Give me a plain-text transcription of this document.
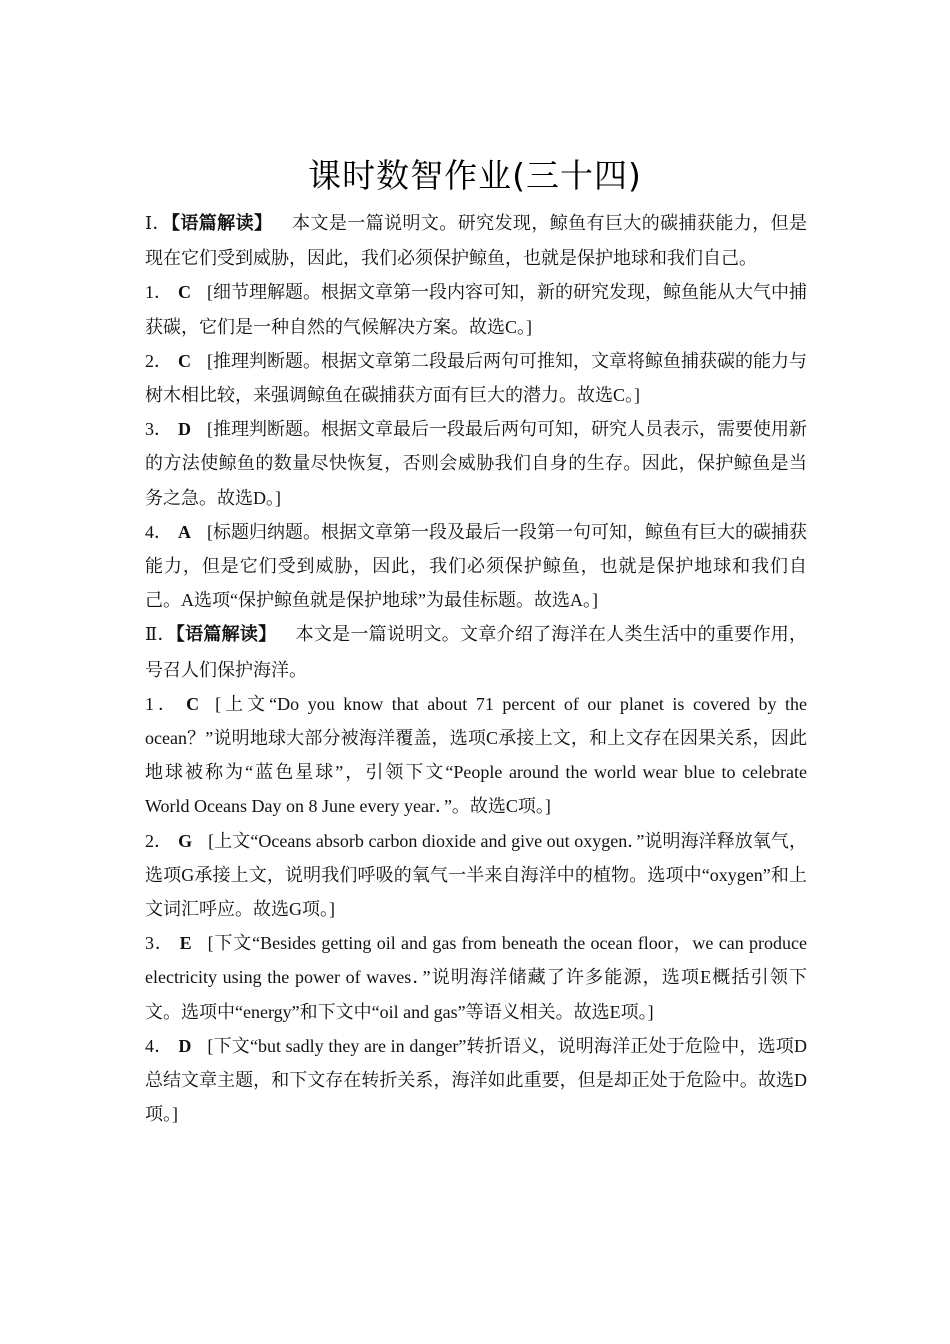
课时数智作业(三十四)

Ⅰ．【语篇解读】 本文是一篇说明文。研究发现，鲸鱼有巨大的碳捕获能力，但是现在它们受到威胁，因此，我们必须保护鲸鱼，也就是保护地球和我们自己。

1． C [细节理解题。根据文章第一段内容可知，新的研究发现，鲸鱼能从大气中捕获碳，它们是一种自然的气候解决方案。故选C。]

2． C [推理判断题。根据文章第二段最后两句可推知，文章将鲸鱼捕获碳的能力与树木相比较，来强调鲸鱼在碳捕获方面有巨大的潜力。故选C。]

3． D [推理判断题。根据文章最后一段最后两句可知，研究人员表示，需要使用新的方法使鲸鱼的数量尽快恢复，否则会威胁我们自身的生存。因此，保护鲸鱼是当务之急。故选D。]

4． A [标题归纳题。根据文章第一段及最后一段第一句可知，鲸鱼有巨大的碳捕获能力，但是它们受到威胁，因此，我们必须保护鲸鱼，也就是保护地球和我们自己。A选项“保护鲸鱼就是保护地球”为最佳标题。故选A。]

Ⅱ．【语篇解读】 本文是一篇说明文。文章介绍了海洋在人类生活中的重要作用，号召人们保护海洋。

1． C [上文“Do you know that about 71 percent of our planet is covered by the ocean？”说明地球大部分被海洋覆盖，选项C承接上文，和上文存在因果关系，因此地球被称为“蓝色星球”，引领下文“People around the world wear blue to celebrate World Oceans Day on 8 June every year．”。故选C项。]

2． G [上文“Oceans absorb carbon dioxide and give out oxygen．”说明海洋释放氧气，选项G承接上文，说明我们呼吸的氧气一半来自海洋中的植物。选项中“oxygen”和上文词汇呼应。故选G项。]

3． E [下文“Besides getting oil and gas from beneath the ocean floor，we can produce electricity using the power of waves．”说明海洋储藏了许多能源，选项E概括引领下文。选项中“energy”和下文中“oil and gas”等语义相关。故选E项。]

4． D [下文“but sadly they are in danger”转折语义，说明海洋正处于危险中，选项D总结文章主题，和下文存在转折关系，海洋如此重要，但是却正处于危险中。故选D项。]
